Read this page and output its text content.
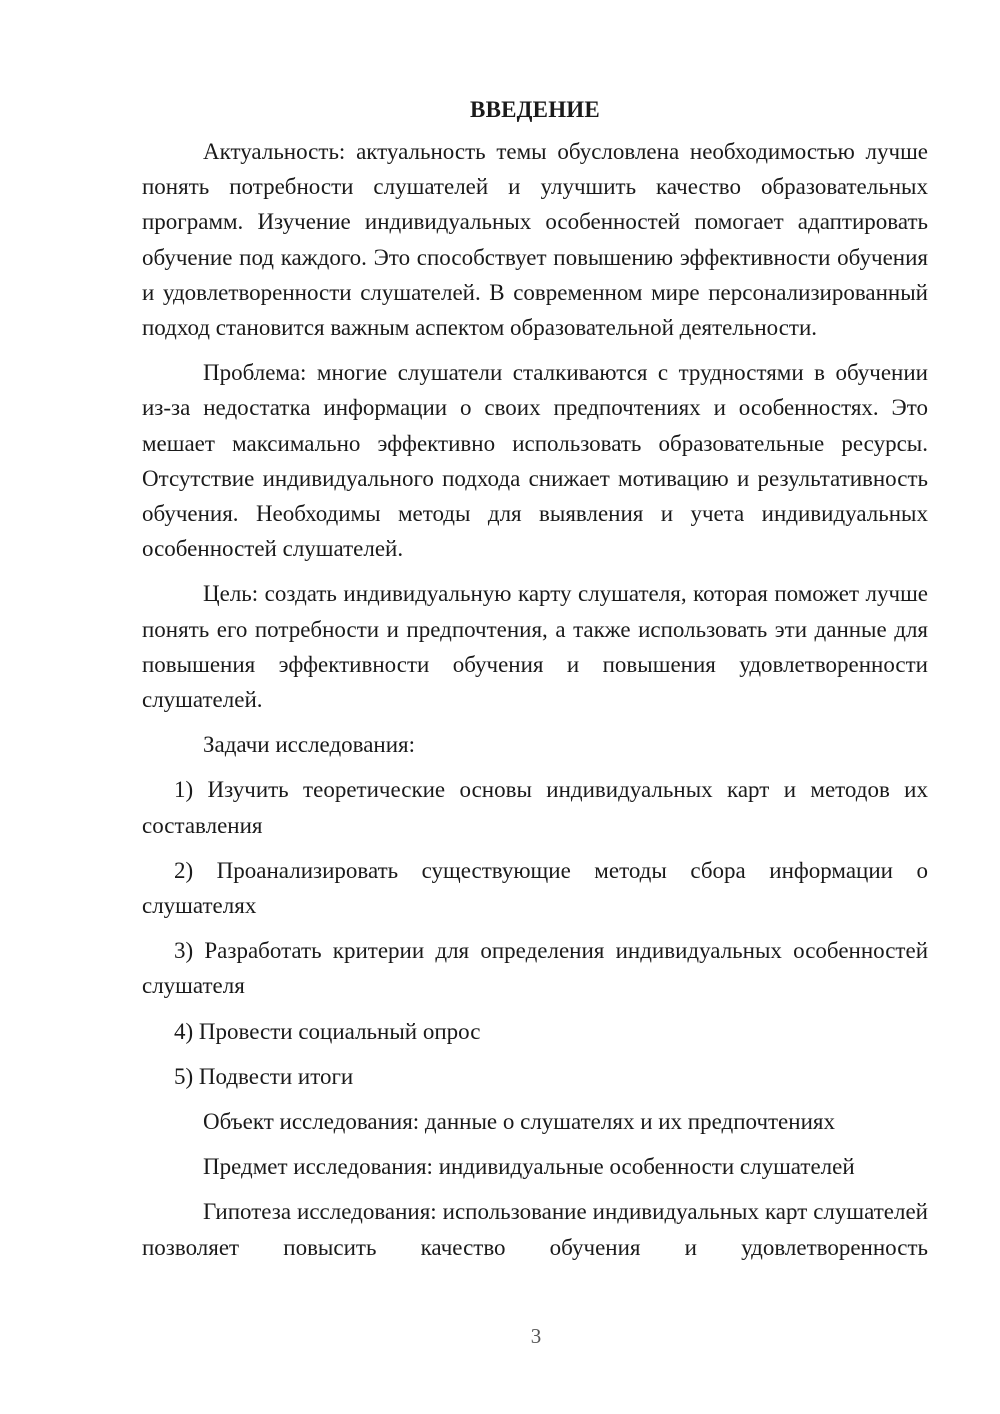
ВВЕДЕНИЕ

Актуальность: актуальность темы обусловлена необходимостью лучше понять потребности слушателей и улучшить качество образовательных программ. Изучение индивидуальных особенностей помогает адаптировать обучение под каждого. Это способствует повышению эффективности обучения и удовлетворенности слушателей. В современном мире персонализированный подход становится важным аспектом образовательной деятельности.

Проблема: многие слушатели сталкиваются с трудностями в обучении из-за недостатка информации о своих предпочтениях и особенностях. Это мешает максимально эффективно использовать образовательные ресурсы. Отсутствие индивидуального подхода снижает мотивацию и результативность обучения. Необходимы методы для выявления и учета индивидуальных особенностей слушателей.

Цель: создать индивидуальную карту слушателя, которая поможет лучше понять его потребности и предпочтения, а также использовать эти данные для повышения эффективности обучения и повышения удовлетворенности слушателей.

Задачи исследования:

1) Изучить теоретические основы индивидуальных карт и методов их составления

2) Проанализировать существующие методы сбора информации о слушателях

3) Разработать критерии для определения индивидуальных особенностей слушателя

4) Провести социальный опрос

5) Подвести итоги

Объект исследования: данные о слушателях и их предпочтениях

Предмет исследования: индивидуальные особенности слушателей

Гипотеза исследования: использование индивидуальных карт слушателей позволяет повысить качество обучения и удовлетворенность

3
